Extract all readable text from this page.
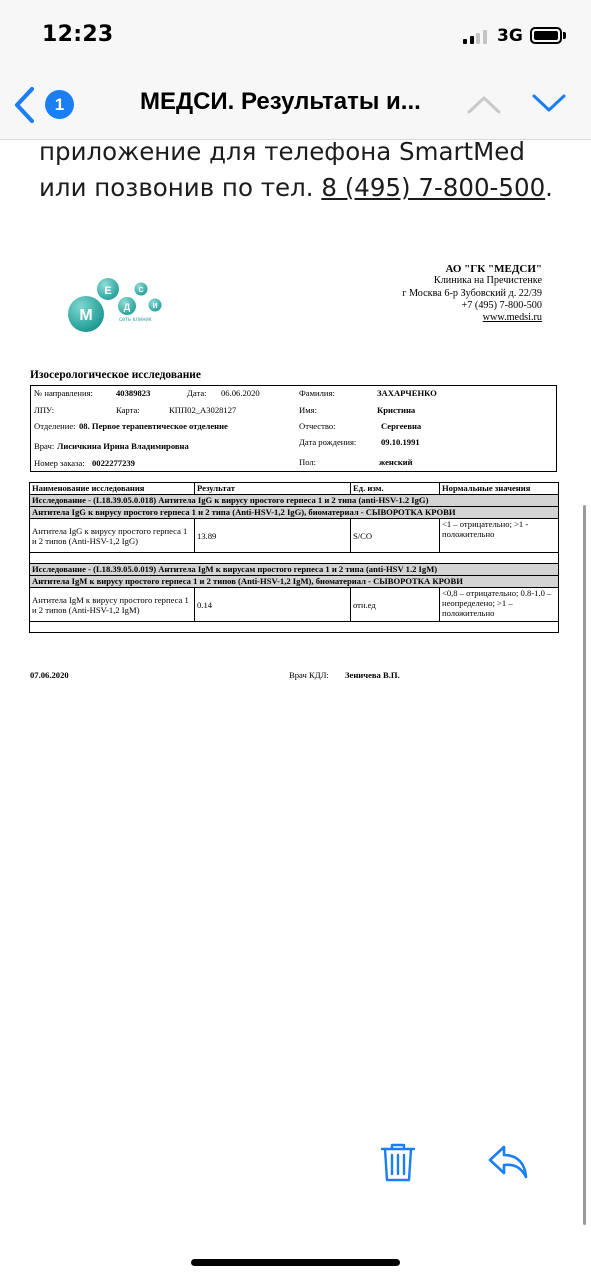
12:23	3G
1	МЕДСИ. Результаты и...
приложение для телефона SmartMed
или позвонив по тел. 8 (495) 7-800-500.
М
Е
Д
С
И
сеть клиник
АО "ГК "МЕДСИ"
Клиника на Пречистенке
г Москва 6-р Зубовский д. 22/39
+7 (495) 7-800-500
www.medsi.ru
Изосерологическое исследование
№ направления:	40389823	Дата: 06.06.2020
ЛПУ:	Карта:	КПП02_А3028127
Отделение: 08. Первое терапевтическое отделение
Врач: Лисичкина Ирина Владимировна
Номер заказа: 0022277239
Фамилия:	ЗАХАРЧЕНКО
Имя:	Кристина
Отчество:	Сергеевна
Дата рождения:	09.10.1991
Пол:	женский
Наименование исследования	Результат	Ед. изм.	Нормальные значения
Исследование - (L18.39.05.0.018) Антитела IgG к вирусу простого герпеса 1 и 2 типа (anti-HSV-1.2 IgG)			
Антитела IgG к вирусу простого герпеса 1 и 2 типа (Anti-HSV-1,2 IgG), биоматериал - СЫВОРОТКА КРОВИ			
Антитела IgG к вирусу простого герпеса 1 и 2 типов (Anti-HSV-1,2 IgG)	13.89	S/CO	<1 – отрицательно; >1 - положительно

Исследование - (L18.39.05.0.019) Антитела IgM к вирусам простого герпеса 1 и 2 типа (anti-HSV 1.2 IgM)			
Антитела IgM к вирусу простого герпеса 1 и 2 типов (Anti-HSV-1,2 IgM), биоматериал - СЫВОРОТКА КРОВИ			
Антитела IgM к вирусу простого герпеса 1 и 2 типов (Anti-HSV-1,2 IgM)	0.14	отн.ед	<0,8 – отрицательно; 0.8-1.0 – неопределено; >1 – положительно

07.06.2020	Врач КДЛ: Зеничева В.П.
